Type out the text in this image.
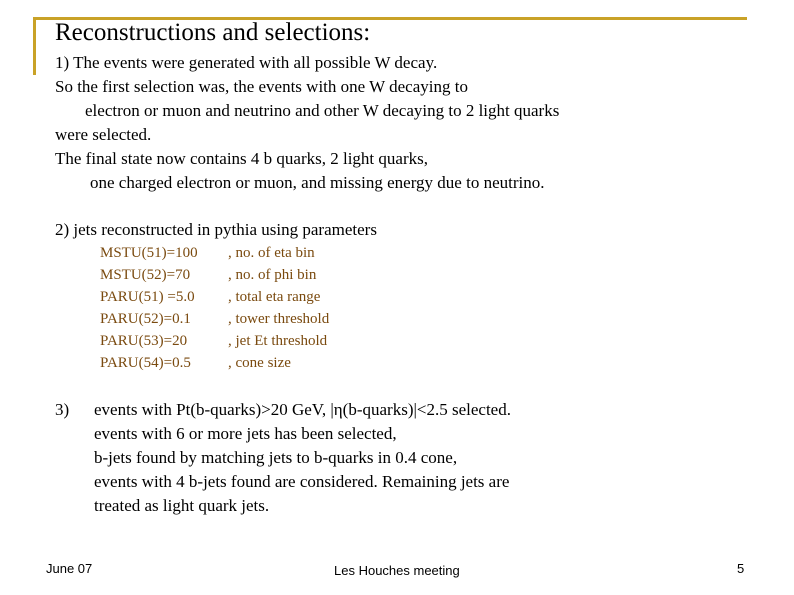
Reconstructions and selections:
1) The events were generated with all possible W decay.
So the first selection was, the events with one W decaying to
electron or muon and neutrino and other W decaying to 2 light quarks
were selected.
The final state now contains 4 b quarks, 2 light quarks,
one charged electron or muon, and missing energy due to neutrino.
2) jets reconstructed in pythia using parameters
MSTU(51)=100	, no. of eta bin
MSTU(52)=70	, no. of phi bin
PARU(51) =5.0	, total eta range
PARU(52)=0.1	, tower threshold
PARU(53)=20	, jet Et threshold
PARU(54)=0.5	, cone size
3)	events with Pt(b-quarks)>20 GeV, |η(b-quarks)|<2.5 selected.
events with 6 or more jets has been selected,
b-jets found by matching jets to b-quarks in 0.4 cone,
events with 4 b-jets found are considered. Remaining jets are
treated as light quark jets.
June 07	Les Houches meeting	5
